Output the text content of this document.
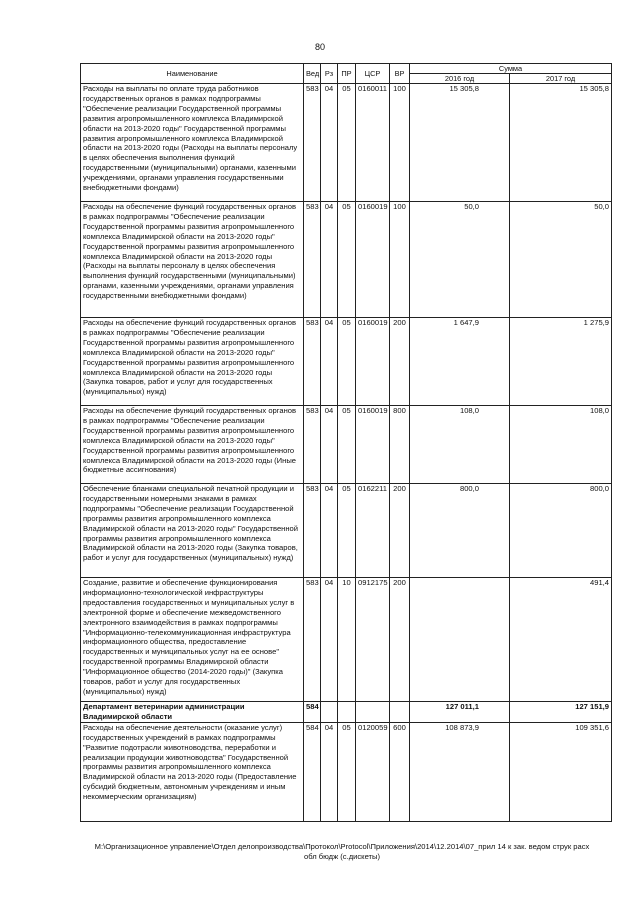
80
Наименование	Вед	Рз	ПР	ЦСР	ВР	Сумма	
						2016 год	2017 год
Расходы на выплаты по оплате труда работников государственных органов в рамках подпрограммы "Обеспечение реализации Государственной программы развития агропромышленного комплекса Владимирской области на 2013-2020 годы" Государственной программы развития агропромышленного комплекса Владимирской области на 2013-2020 годы (Расходы на выплаты персоналу в целях обеспечения выполнения функций государственными (муниципальными) органами, казенными учреждениями, органами управления государственными внебюджетными фондами)	583	04	05	0160011	100	15 305,8	15 305,8
Расходы на обеспечение функций государственных органов в рамках подпрограммы "Обеспечение реализации Государственной программы развития агропромышленного комплекса Владимирской области на 2013-2020 годы" Государственной программы развития агропромышленного комплекса Владимирской области на 2013-2020 годы (Расходы на выплаты персоналу в целях обеспечения выполнения функций государственными (муниципальными) органами, казенными учреждениями, органами управления государственными внебюджетными фондами)	583	04	05	0160019	100	50,0	50,0
Расходы на обеспечение функций государственных органов в рамках подпрограммы "Обеспечение реализации Государственной программы развития агропромышленного комплекса Владимирской области на 2013-2020 годы" Государственной программы развития агропромышленного комплекса Владимирской области на 2013-2020 годы (Закупка товаров, работ и услуг для государственных (муниципальных) нужд)	583	04	05	0160019	200	1 647,9	1 275,9
Расходы на обеспечение функций государственных органов в рамках подпрограммы "Обеспечение реализации Государственной программы развития агропромышленного комплекса Владимирской области на 2013-2020 годы" Государственной программы развития агропромышленного комплекса Владимирской области на 2013-2020 годы (Иные бюджетные ассигнования)	583	04	05	0160019	800	108,0	108,0
Обеспечение бланками специальной печатной продукции и государственными номерными знаками в рамках подпрограммы "Обеспечение реализации Государственной программы развития агропромышленного комплекса Владимирской области на 2013-2020 годы" Государственной программы развития агропромышленного комплекса Владимирской области на 2013-2020 годы (Закупка товаров, работ и услуг для государственных (муниципальных) нужд)	583	04	05	0162211	200	800,0	800,0
Создание, развитие и обеспечение функционирования информационно-технологической инфраструктуры предоставления государственных и муниципальных услуг в электронной форме и обеспечение межведомственного электронного взаимодействия в рамках подпрограммы "Информационно-телекоммуникационная инфраструктура информационного общества, предоставление государственных и муниципальных услуг на ее основе" государственной программы Владимирской области "Информационное общество (2014-2020 годы)" (Закупка товаров, работ и услуг для государственных (муниципальных) нужд)	583	04	10	0912175	200		491,4
Департамент ветеринарии администрации Владимирской области	584					127 011,1	127 151,9
Расходы на обеспечение деятельности (оказание услуг) государственных учреждений в рамках подпрограммы "Развитие подотрасли животноводства, переработки и реализации продукции животноводства" Государственной программы развития агропромышленного комплекса Владимирской области на 2013-2020 годы (Предоставление субсидий бюджетным, автономным учреждениям и иным некоммерческим организациям)	584	04	05	0120059	600	108 873,9	109 351,6
M:\Организационное управление\Отдел делопроизводства\Протокол\Protocol\Приложения\2014\12.2014\07_прил 14 к зак. ведом струк расх
обл бюдж (с.дискеты)
